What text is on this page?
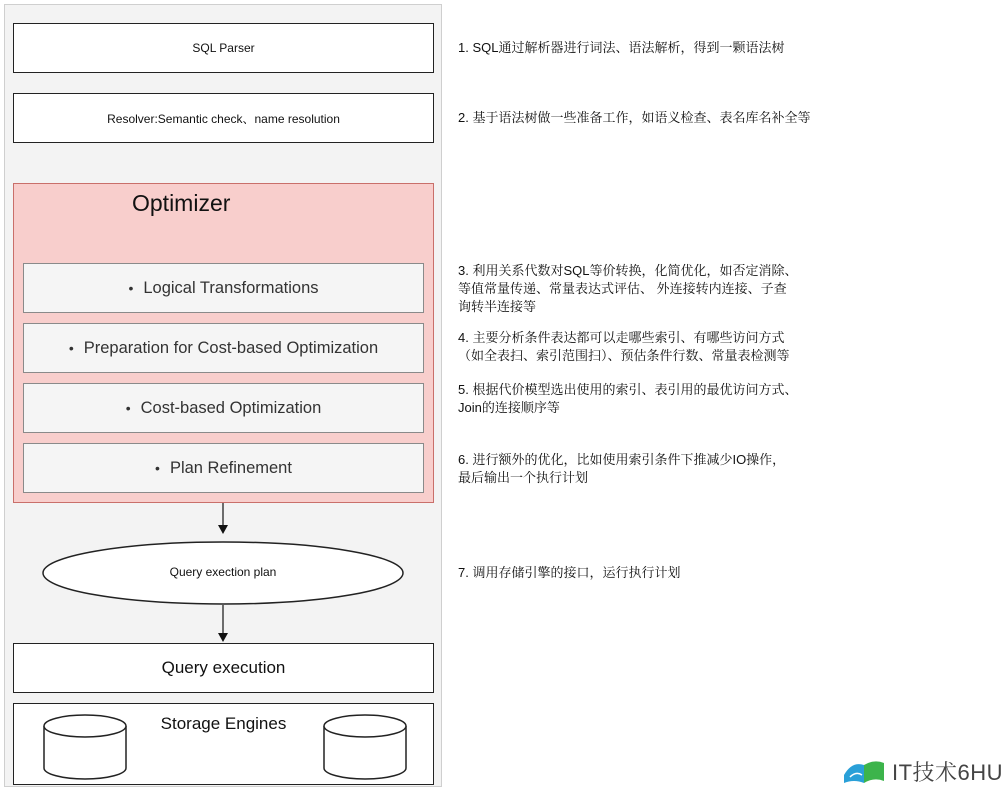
SQL Parser
Resolver:Semantic check、name resolution
Optimizer
• Logical Transformations
• Preparation for Cost-based Optimization
• Cost-based Optimization
• Plan Refinement
Query exection plan
Query execution
Storage Engines
1. SQL通过解析器进行词法、语法解析，得到一颗语法树
2. 基于语法树做一些准备工作，如语义检查、表名库名补全等
3. 利用关系代数对SQL等价转换，化简优化，如否定消除、
等值常量传递、常量表达式评估、 外连接转内连接、子查
询转半连接等
4. 主要分析条件表达都可以走哪些索引、有哪些访问方式
（如全表扫、索引范围扫）、预估条件行数、常量表检测等
5. 根据代价模型选出使用的索引、表引用的最优访问方式、
Join的连接顺序等
6. 进行额外的优化，比如使用索引条件下推减少IO操作，
最后输出一个执行计划
7. 调用存储引擎的接口，运行执行计划
IT技术6HU
